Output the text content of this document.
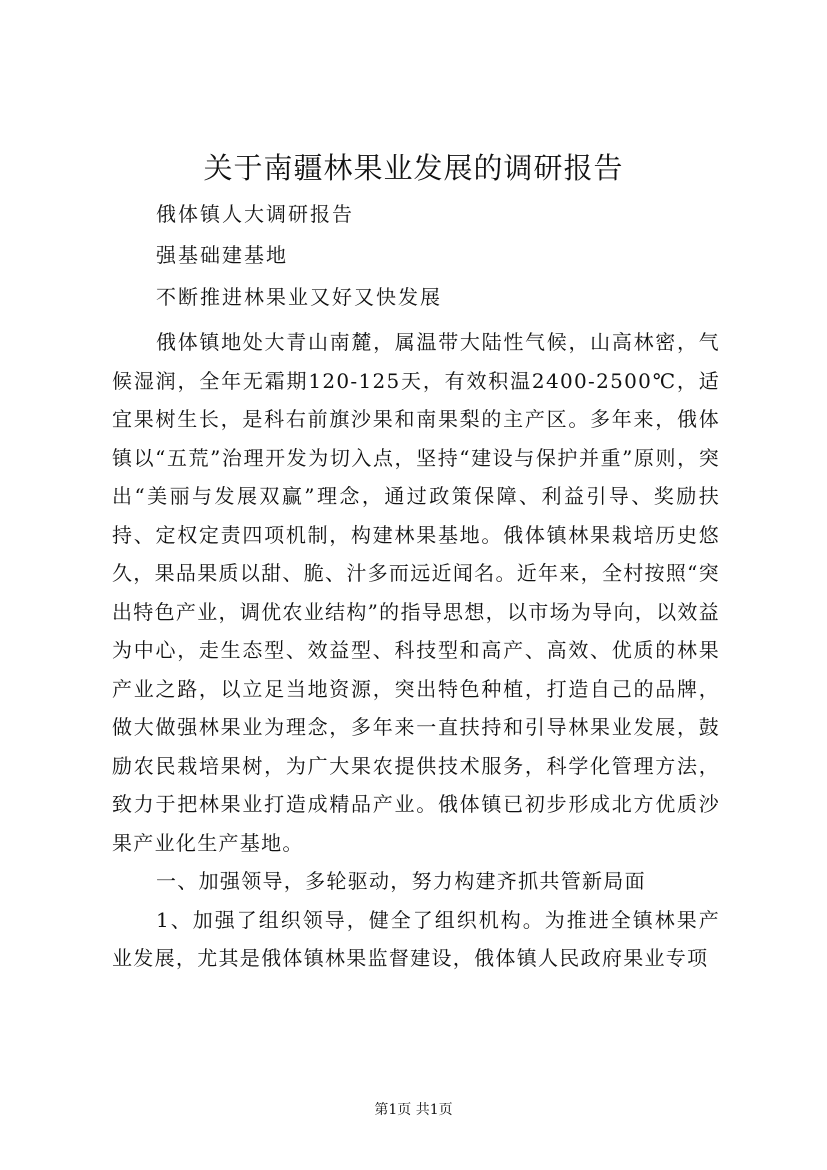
关于南疆林果业发展的调研报告

俄体镇人大调研报告

强基础建基地

不断推进林果业又好又快发展

俄体镇地处大青山南麓，属温带大陆性气候，山高林密，气候湿润，全年无霜期120-125天，有效积温2400-2500℃，适宜果树生长，是科右前旗沙果和南果梨的主产区。多年来，俄体镇以“五荒”治理开发为切入点，坚持“建设与保护并重”原则，突出“美丽与发展双赢”理念，通过政策保障、利益引导、奖励扶持、定权定责四项机制，构建林果基地。俄体镇林果栽培历史悠久，果品果质以甜、脆、汁多而远近闻名。近年来，全村按照“突出特色产业，调优农业结构”的指导思想，以市场为导向，以效益为中心，走生态型、效益型、科技型和高产、高效、优质的林果产业之路，以立足当地资源，突出特色种植，打造自己的品牌，做大做强林果业为理念，多年来一直扶持和引导林果业发展，鼓励农民栽培果树，为广大果农提供技术服务，科学化管理方法，致力于把林果业打造成精品产业。俄体镇已初步形成北方优质沙果产业化生产基地。

一、加强领导，多轮驱动，努力构建齐抓共管新局面

1、加强了组织领导，健全了组织机构。为推进全镇林果产业发展，尤其是俄体镇林果监督建设，俄体镇人民政府果业专项

第1页 共1页
